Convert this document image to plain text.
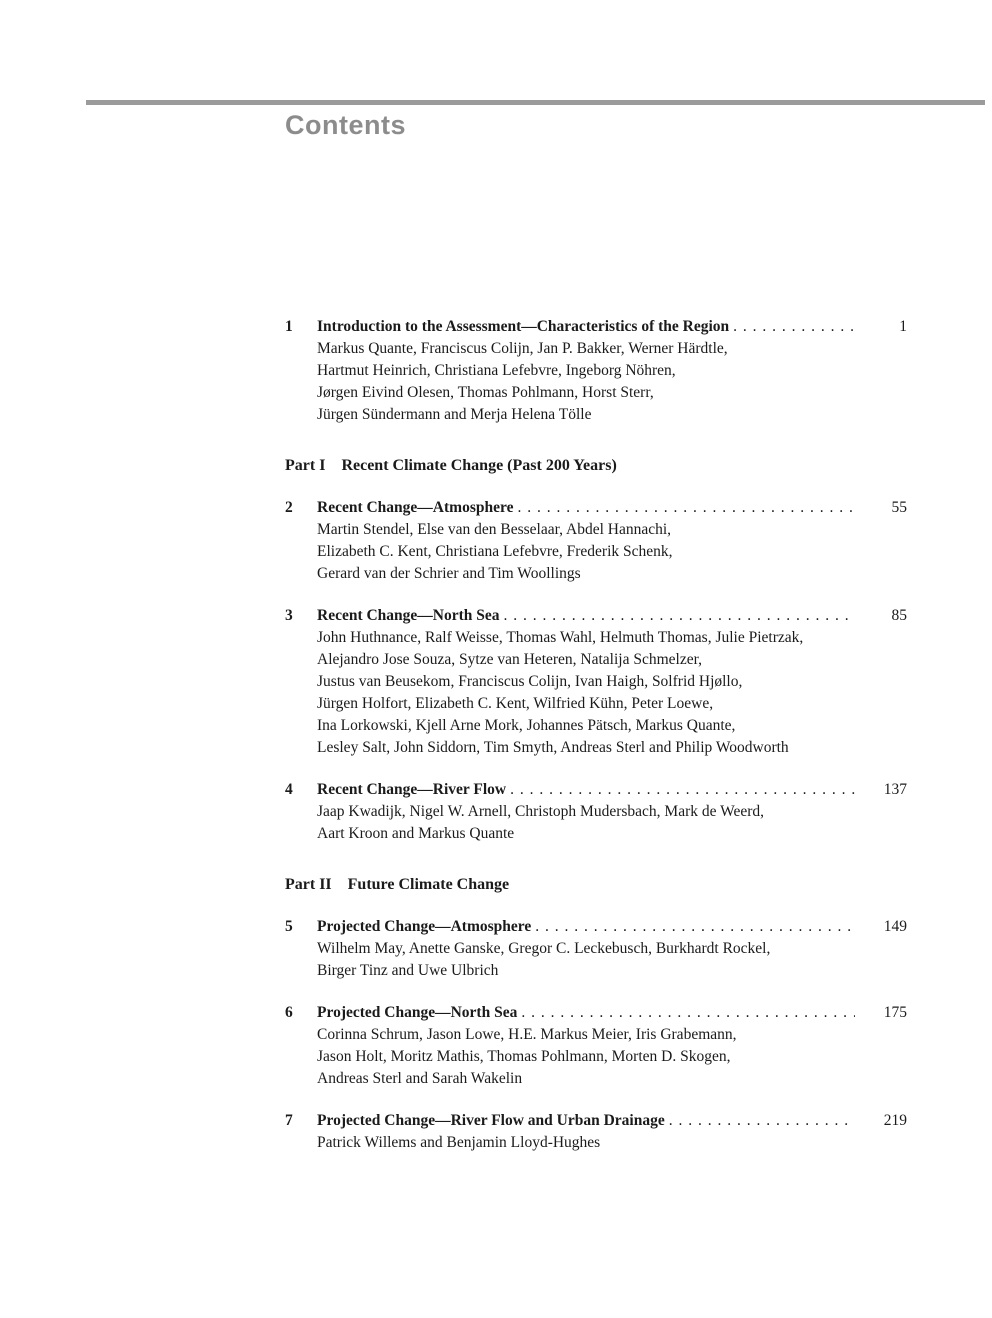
Contents
1	Introduction to the Assessment—Characteristics of the Region . . .	1
Markus Quante, Franciscus Colijn, Jan P. Bakker, Werner Härdtle,
Hartmut Heinrich, Christiana Lefebvre, Ingeborg Nöhren,
Jørgen Eivind Olesen, Thomas Pohlmann, Horst Sterr,
Jürgen Sündermann and Merja Helena Tölle
Part I Recent Climate Change (Past 200 Years)
2	Recent Change—Atmosphere . . .	55
Martin Stendel, Else van den Besselaar, Abdel Hannachi,
Elizabeth C. Kent, Christiana Lefebvre, Frederik Schenk,
Gerard van der Schrier and Tim Woollings
3	Recent Change—North Sea . . .	85
John Huthnance, Ralf Weisse, Thomas Wahl, Helmuth Thomas, Julie Pietrzak,
Alejandro Jose Souza, Sytze van Heteren, Natalija Schmelzer,
Justus van Beusekom, Franciscus Colijn, Ivan Haigh, Solfrid Hjøllo,
Jürgen Holfort, Elizabeth C. Kent, Wilfried Kühn, Peter Loewe,
Ina Lorkowski, Kjell Arne Mork, Johannes Pätsch, Markus Quante,
Lesley Salt, John Siddorn, Tim Smyth, Andreas Sterl and Philip Woodworth
4	Recent Change—River Flow . . .	137
Jaap Kwadijk, Nigel W. Arnell, Christoph Mudersbach, Mark de Weerd,
Aart Kroon and Markus Quante
Part II Future Climate Change
5	Projected Change—Atmosphere . . .	149
Wilhelm May, Anette Ganske, Gregor C. Leckebusch, Burkhardt Rockel,
Birger Tinz and Uwe Ulbrich
6	Projected Change—North Sea . . .	175
Corinna Schrum, Jason Lowe, H.E. Markus Meier, Iris Grabemann,
Jason Holt, Moritz Mathis, Thomas Pohlmann, Morten D. Skogen,
Andreas Sterl and Sarah Wakelin
7	Projected Change—River Flow and Urban Drainage . . .	219
Patrick Willems and Benjamin Lloyd-Hughes
